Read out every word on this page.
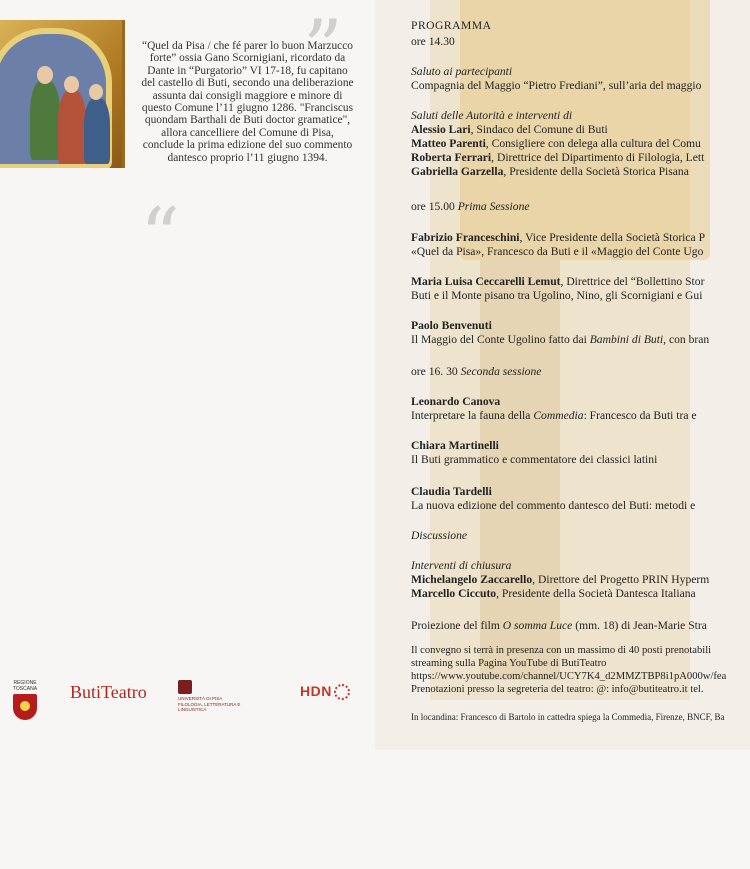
”
“
“Quel da Pisa / che fé parer lo buon Marzucco forte” ossia Gano Scornigiani, ricordato da Dante in “Purgatorio” VI 17-18, fu capitano del castello di Buti, secondo una deliberazione assunta dai consigli maggiore e minore di questo Comune l’11 giugno 1286. "Franciscus quondam Barthali de Buti doctor gramatice", allora cancelliere del Comune di Pisa, conclude la prima edizione del suo commento dantesco proprio l’11 giugno 1394.
REGIONE TOSCANA ButiTeatro	UNIVERSITÀ DI PISA FILOLOGIA, LETTERATURA E LINGUISTICA
HDN
PROGRAMMA
ore 14.30
Saluto ai partecipanti
Compagnia del Maggio “Pietro Frediani”, sull’aria del maggio
Saluti delle Autorità e interventi di
Alessio Lari, Sindaco del Comune di Buti
Matteo Parenti, Consigliere con delega alla cultura del Comu
Roberta Ferrari, Direttrice del Dipartimento di Filologia, Lett
Gabriella Garzella, Presidente della Società Storica Pisana
ore 15.00 Prima Sessione
Fabrizio Franceschini, Vice Presidente della Società Storica P
«Quel da Pisa», Francesco da Buti e il «Maggio del Conte Ugo
Maria Luisa Ceccarelli Lemut, Direttrice del “Bollettino Stor
Buti e il Monte pisano tra Ugolino, Nino, gli Scornigiani e Gui
Paolo Benvenuti
Il Maggio del Conte Ugolino fatto dai Bambini di Buti, con bran
ore 16. 30 Seconda sessione
Leonardo Canova
Interpretare la fauna della Commedia: Francesco da Buti tra e
Chiara Martinelli
Il Buti grammatico e commentatore dei classici latini
Claudia Tardelli
La nuova edizione del commento dantesco del Buti: metodi e
Discussione
Interventi di chiusura
Michelangelo Zaccarello, Direttore del Progetto PRIN Hyperm
Marcello Ciccuto, Presidente della Società Dantesca Italiana
Proiezione del film O somma Luce (mm. 18) di Jean-Marie Stra
Il convegno si terrà in presenza con un massimo di 40 posti prenotabili
streaming sulla Pagina YouTube di ButiTeatro
https://www.youtube.com/channel/UCY7K4_d2MMZTBP8i1pA000w/fea
Prenotazioni presso la segreteria del teatro: @: info@butiteatro.it tel.
In locandina: Francesco di Bartolo in cattedra spiega la Commedia, Firenze, BNCF, Ba
